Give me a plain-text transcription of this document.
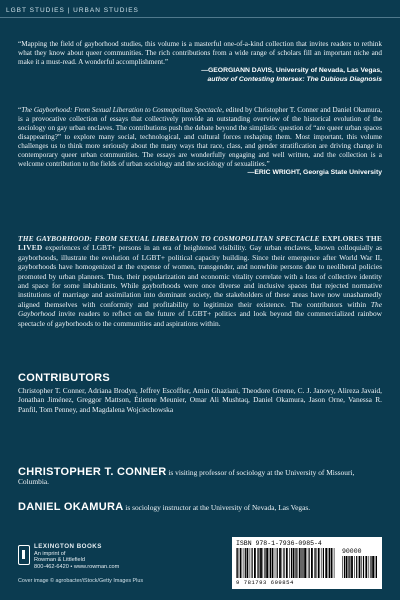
LGBT STUDIES | URBAN STUDIES
“Mapping the field of gayborhood studies, this volume is a masterful one-of-a-kind collection that invites readers to rethink what they know about queer communities. The rich contributions from a wide range of scholars fill an important niche and make it a must-read. A wonderful accomplishment.”
—GEORGIANN DAVIS, University of Nevada, Las Vegas,
author of Contesting Intersex: The Dubious Diagnosis
“The Gayborhood: From Sexual Liberation to Cosmopolitan Spectacle, edited by Christopher T. Conner and Daniel Okamura, is a provocative collection of essays that collectively provide an outstanding overview of the historical evolution of the sociology on gay urban enclaves. The contributions push the debate beyond the simplistic question of “are queer urban spaces disappearing?” to explore many social, technological, and cultural forces reshaping them. Most important, this volume challenges us to think more seriously about the many ways that race, class, and gender stratification are driving change in contemporary queer urban communities. The essays are wonderfully engaging and well written, and the collection is a welcome contribution to the fields of urban sociology and the sociology of sexualities.”
—ERIC WRIGHT, Georgia State University
THE GAYBORHOOD: FROM SEXUAL LIBERATION TO COSMOPOLITAN SPECTACLE EXPLORES THE LIVED experiences of LGBT+ persons in an era of heightened visibility. Gay urban enclaves, known colloquially as gayborhoods, illustrate the evolution of LGBT+ political capacity building. Since their emergence after World War II, gayborhoods have homogenized at the expense of women, transgender, and nonwhite persons due to neoliberal policies promoted by urban planners. Thus, their popularization and economic vitality correlate with a loss of collective identity and space for some inhabitants. While gayborhoods were once diverse and inclusive spaces that rejected normative institutions of marriage and assimilation into dominant society, the stakeholders of these areas have now unashamedly aligned themselves with conformity and profitability to legitimize their existence. The contributors within The Gayborhood invite readers to reflect on the future of LGBT+ politics and look beyond the commercialized rainbow spectacle of gayborhoods to the communities and aspirations within.
CONTRIBUTORS
Christopher T. Conner, Adriana Brodyn, Jeffrey Escoffier, Amin Ghaziani, Theodore Greene, C. J. Janovy, Alireza Javaid, Jonathan Jiménez, Greggor Mattson, Étienne Meunier, Omar Ali Mushtaq, Daniel Okamura, Jason Orne, Vanessa R. Panfil, Tom Penney, and Magdalena Wojciechowska
CHRISTOPHER T. CONNER is visiting professor of sociology at the University of Missouri, Columbia.
DANIEL OKAMURA is sociology instructor at the University of Nevada, Las Vegas.
LEXINGTON BOOKS
An imprint of
Rowman & Littlefield
800-462-6420 • www.rowman.com
Cover image © agrobacter/iStock/Getty Images Plus
ISBN 978-1-7936-0985-4
90000
9 781793 609854
